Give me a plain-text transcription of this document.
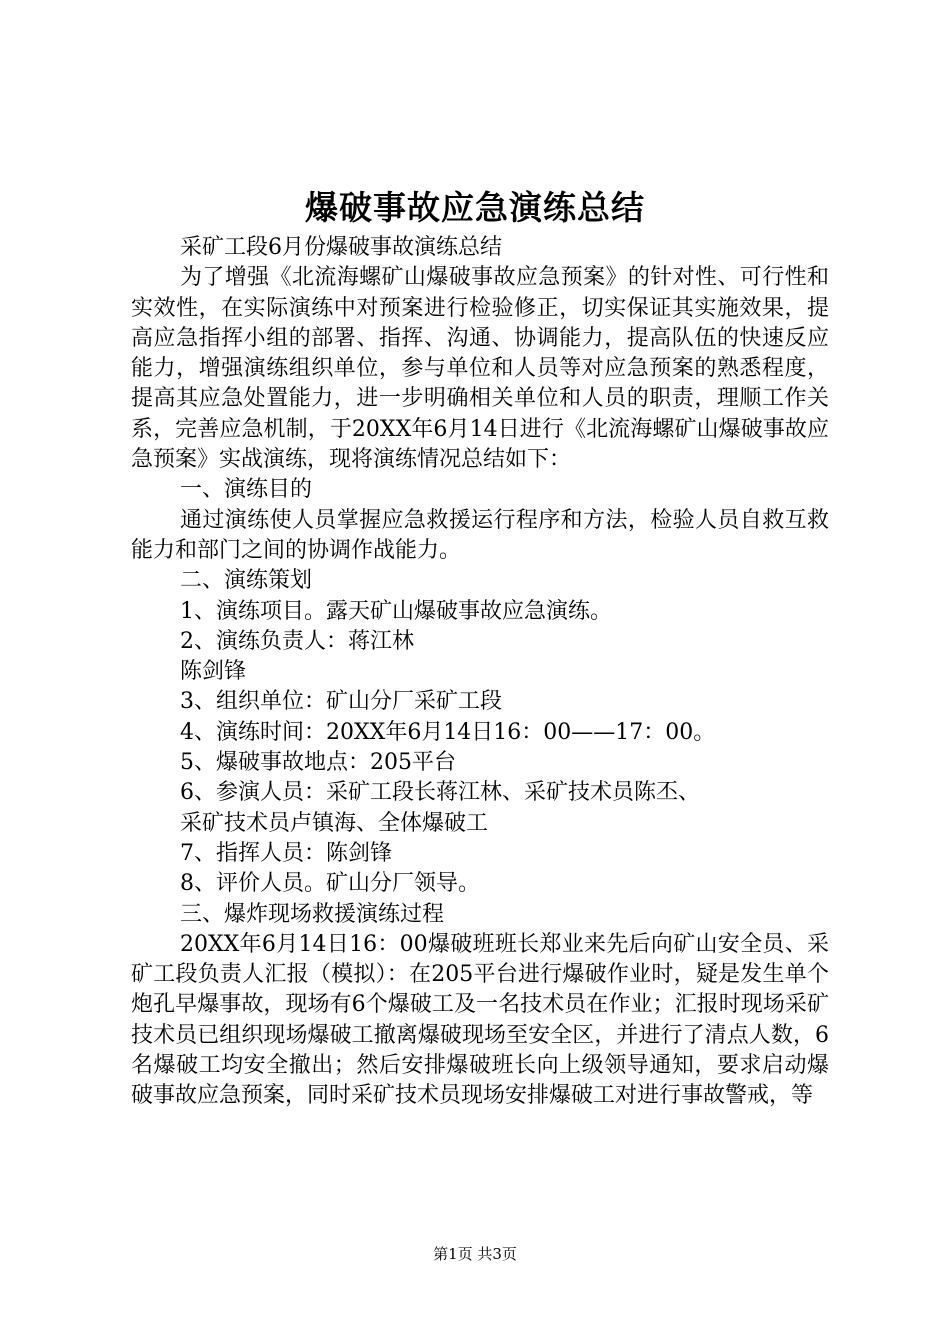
爆破事故应急演练总结

采矿工段6月份爆破事故演练总结

为了增强《北流海螺矿山爆破事故应急预案》的针对性、可行性和实效性，在实际演练中对预案进行检验修正，切实保证其实施效果，提高应急指挥小组的部署、指挥、沟通、协调能力，提高队伍的快速反应能力，增强演练组织单位，参与单位和人员等对应急预案的熟悉程度，提高其应急处置能力，进一步明确相关单位和人员的职责，理顺工作关系，完善应急机制，于20XX年6月14日进行《北流海螺矿山爆破事故应急预案》实战演练，现将演练情况总结如下：

一、演练目的

通过演练使人员掌握应急救援运行程序和方法，检验人员自救互救能力和部门之间的协调作战能力。

二、演练策划

1、演练项目。露天矿山爆破事故应急演练。

2、演练负责人：蒋江林

陈剑锋

3、组织单位：矿山分厂采矿工段

4、演练时间：20XX年6月14日16：00——17：00。

5、爆破事故地点：205平台

6、参演人员：采矿工段长蒋江林、采矿技术员陈丕、

采矿技术员卢镇海、全体爆破工

7、指挥人员：陈剑锋

8、评价人员。矿山分厂领导。

三、爆炸现场救援演练过程

20XX年6月14日16：00爆破班班长郑业来先后向矿山安全员、采矿工段负责人汇报（模拟）：在205平台进行爆破作业时，疑是发生单个炮孔早爆事故，现场有6个爆破工及一名技术员在作业；汇报时现场采矿技术员已组织现场爆破工撤离爆破现场至安全区，并进行了清点人数，6名爆破工均安全撤出；然后安排爆破班长向上级领导通知，要求启动爆破事故应急预案，同时采矿技术员现场安排爆破工对进行事故警戒，等

第1页 共3页
